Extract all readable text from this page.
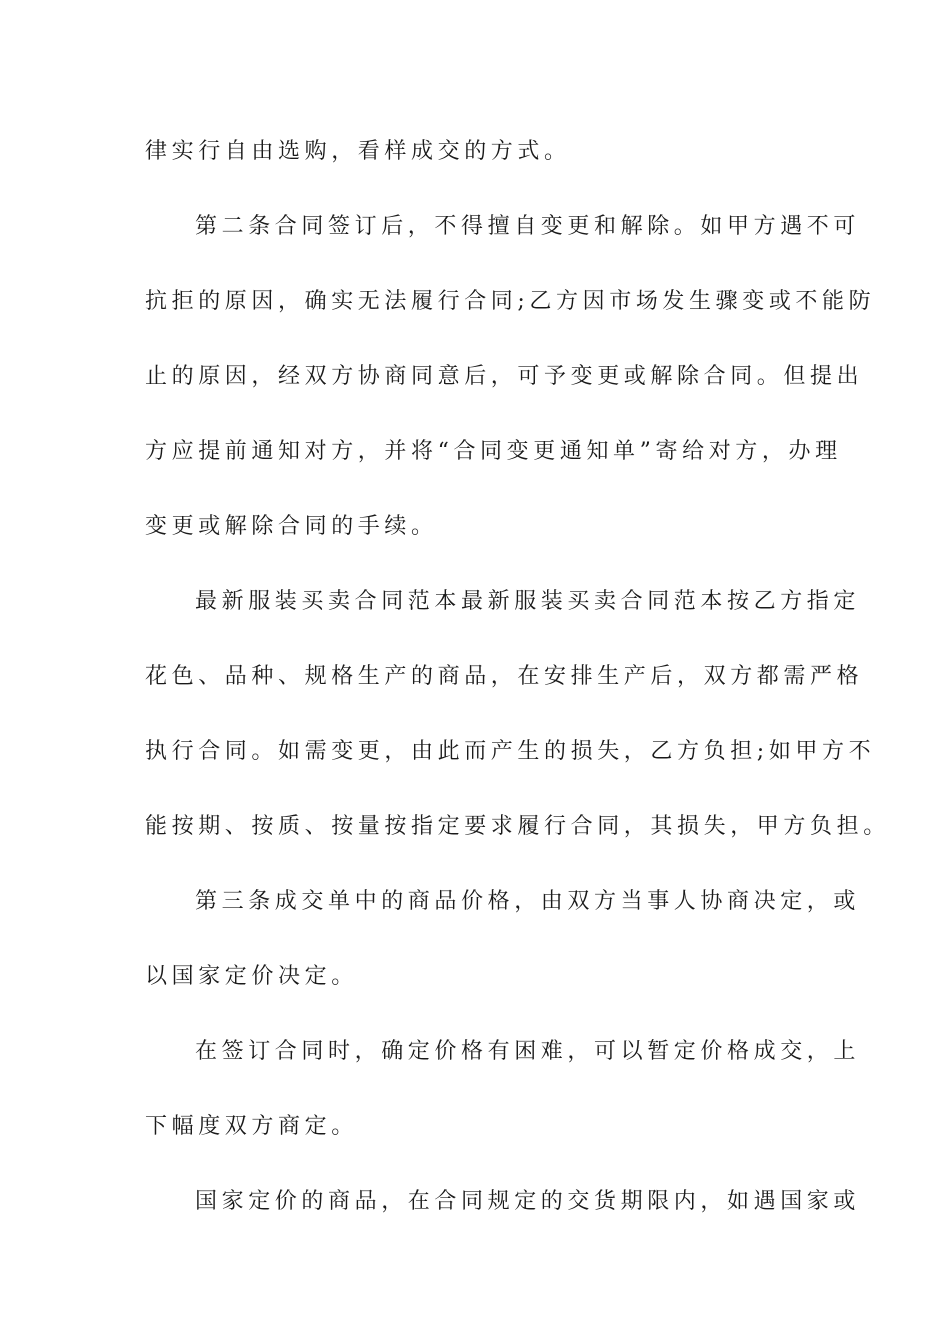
律实行自由选购，看样成交的方式。
第二条合同签订后，不得擅自变更和解除。如甲方遇不可
抗拒的原因，确实无法履行合同;乙方因市场发生骤变或不能防
止的原因，经双方协商同意后，可予变更或解除合同。但提出
方应提前通知对方，并将“合同变更通知单”寄给对方，办理
变更或解除合同的手续。
最新服装买卖合同范本最新服装买卖合同范本按乙方指定
花色、品种、规格生产的商品，在安排生产后，双方都需严格
执行合同。如需变更，由此而产生的损失，乙方负担;如甲方不
能按期、按质、按量按指定要求履行合同，其损失，甲方负担。
第三条成交单中的商品价格，由双方当事人协商决定，或
以国家定价决定。
在签订合同时，确定价格有困难，可以暂定价格成交，上
下幅度双方商定。
国家定价的商品，在合同规定的交货期限内，如遇国家或
